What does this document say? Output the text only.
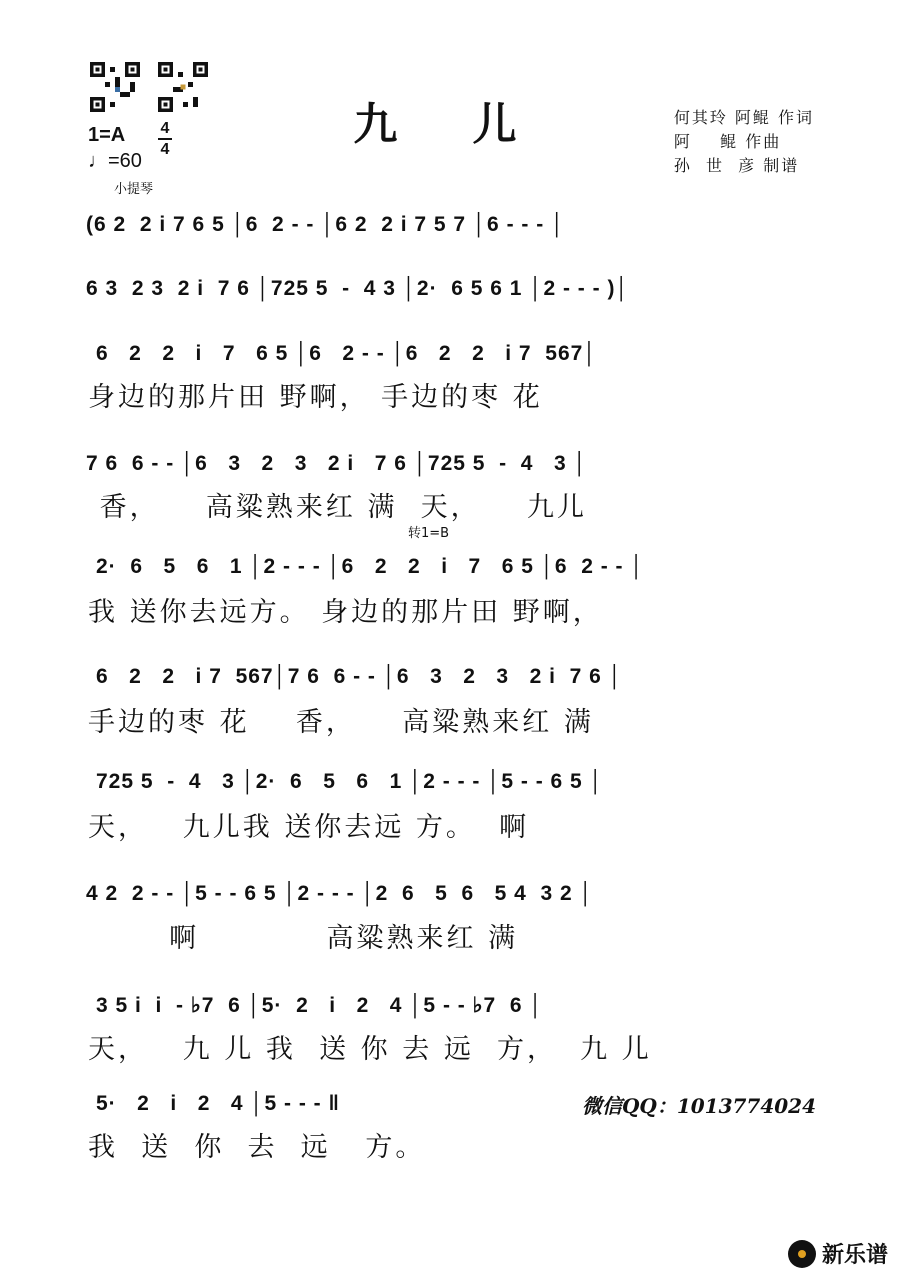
九 儿	何其玲 阿鲲 作词
阿    鲲 作曲
孙  世  彦 制谱
1=A 4
4
♩=60
小提琴
(6 2  2 i 7 6 5 │6  2 - - │6 2  2 i 7 5 7 │6 - - - │
6 3  2 3  2 i  7 6 │725 5  -  4 3 │2·  6 5 6 1 │2 - - - )│
6   2   2   i   7   6 5 │6   2 - - │6   2   2   i 7  567│
身边的那片田 野啊， 手边的枣 花
7 6  6 - - │6   3   2   3   2 i   7 6 │725 5  -  4   3 │
香，    高粱熟来红 满  天，    九儿
转1=B
2·  6   5   6   1 │2 - - - │6   2   2   i   7   6 5 │6  2 - - │
我 送你去远方。 身边的那片田 野啊，
6   2   2   i 7  567│7 6  6 - - │6   3   2   3   2 i  7 6 │
手边的枣 花    香，    高粱熟来红 满
725 5  -  4   3 │2·  6   5   6   1 │2 - - - │5 - - 6 5 │
天，   九儿我 送你去远 方。  啊
4 2  2 - - │5 - - 6 5 │2 - - - │2  6   5  6   5 4  3 2 │
啊           高粱熟来红 满
3 5 i  i  - ♭7  6 │5·  2   i   2   4 │5 - - ♭7  6 │
天，   九 儿 我  送 你 去 远  方，  九 儿
5·   2   i   2   4 │5 - - - ‖
我  送  你  去  远   方。
微信QQ：1013774024
新乐谱
